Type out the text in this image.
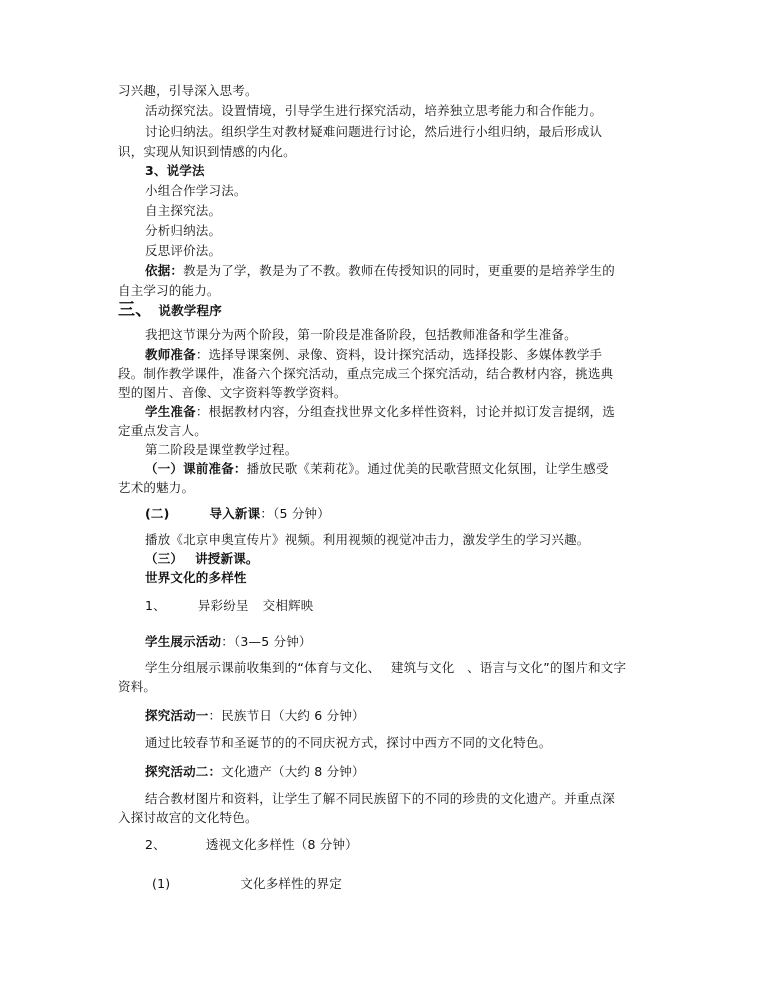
习兴趣，引导深入思考。
活动探究法。设置情境，引导学生进行探究活动，培养独立思考能力和合作能力。
讨论归纳法。组织学生对教材疑难问题进行讨论，然后进行小组归纳，最后形成认
识，实现从知识到情感的内化。
3、说学法
小组合作学习法。
自主探究法。
分析归纳法。
反思评价法。
依据：教是为了学，教是为了不教。教师在传授知识的同时，更重要的是培养学生的
自主学习的能力。
三、 说教学程序
我把这节课分为两个阶段，第一阶段是准备阶段，包括教师准备和学生准备。
教师准备：选择导课案例、录像、资料，设计探究活动，选择投影、多媒体教学手
段。制作教学课件，准备六个探究活动，重点完成三个探究活动，结合教材内容，挑选典
型的图片、音像、文字资料等教学资料。
学生准备：根据教材内容，分组查找世界文化多样性资料，讨论并拟订发言提纲，选
定重点发言人。
第二阶段是课堂教学过程。
（一）课前准备：播放民歌《茉莉花》。通过优美的民歌营照文化氛围，让学生感受
艺术的魅力。
(二)	导入新课：（5 分钟）
播放《北京申奥宣传片》视频。利用视频的视觉冲击力，激发学生的学习兴趣。
（三） 讲授新课。
世界文化的多样性
1、	异彩纷呈 交相辉映
学生展示活动：（3—5 分钟）
学生分组展示课前收集到的“体育与文化、　 建筑与文化　、语言与文化”的图片和文字
资料。
探究活动一：民族节日（大约 6 分钟）
通过比较春节和圣诞节的的不同庆祝方式，探讨中西方不同的文化特色。
探究活动二：文化遗产（大约 8 分钟）
结合教材图片和资料，让学生了解不同民族留下的不同的珍贵的文化遗产。并重点深
入探讨故宫的文化特色。
2、	透视文化多样性（8 分钟）
(1)	文化多样性的界定
